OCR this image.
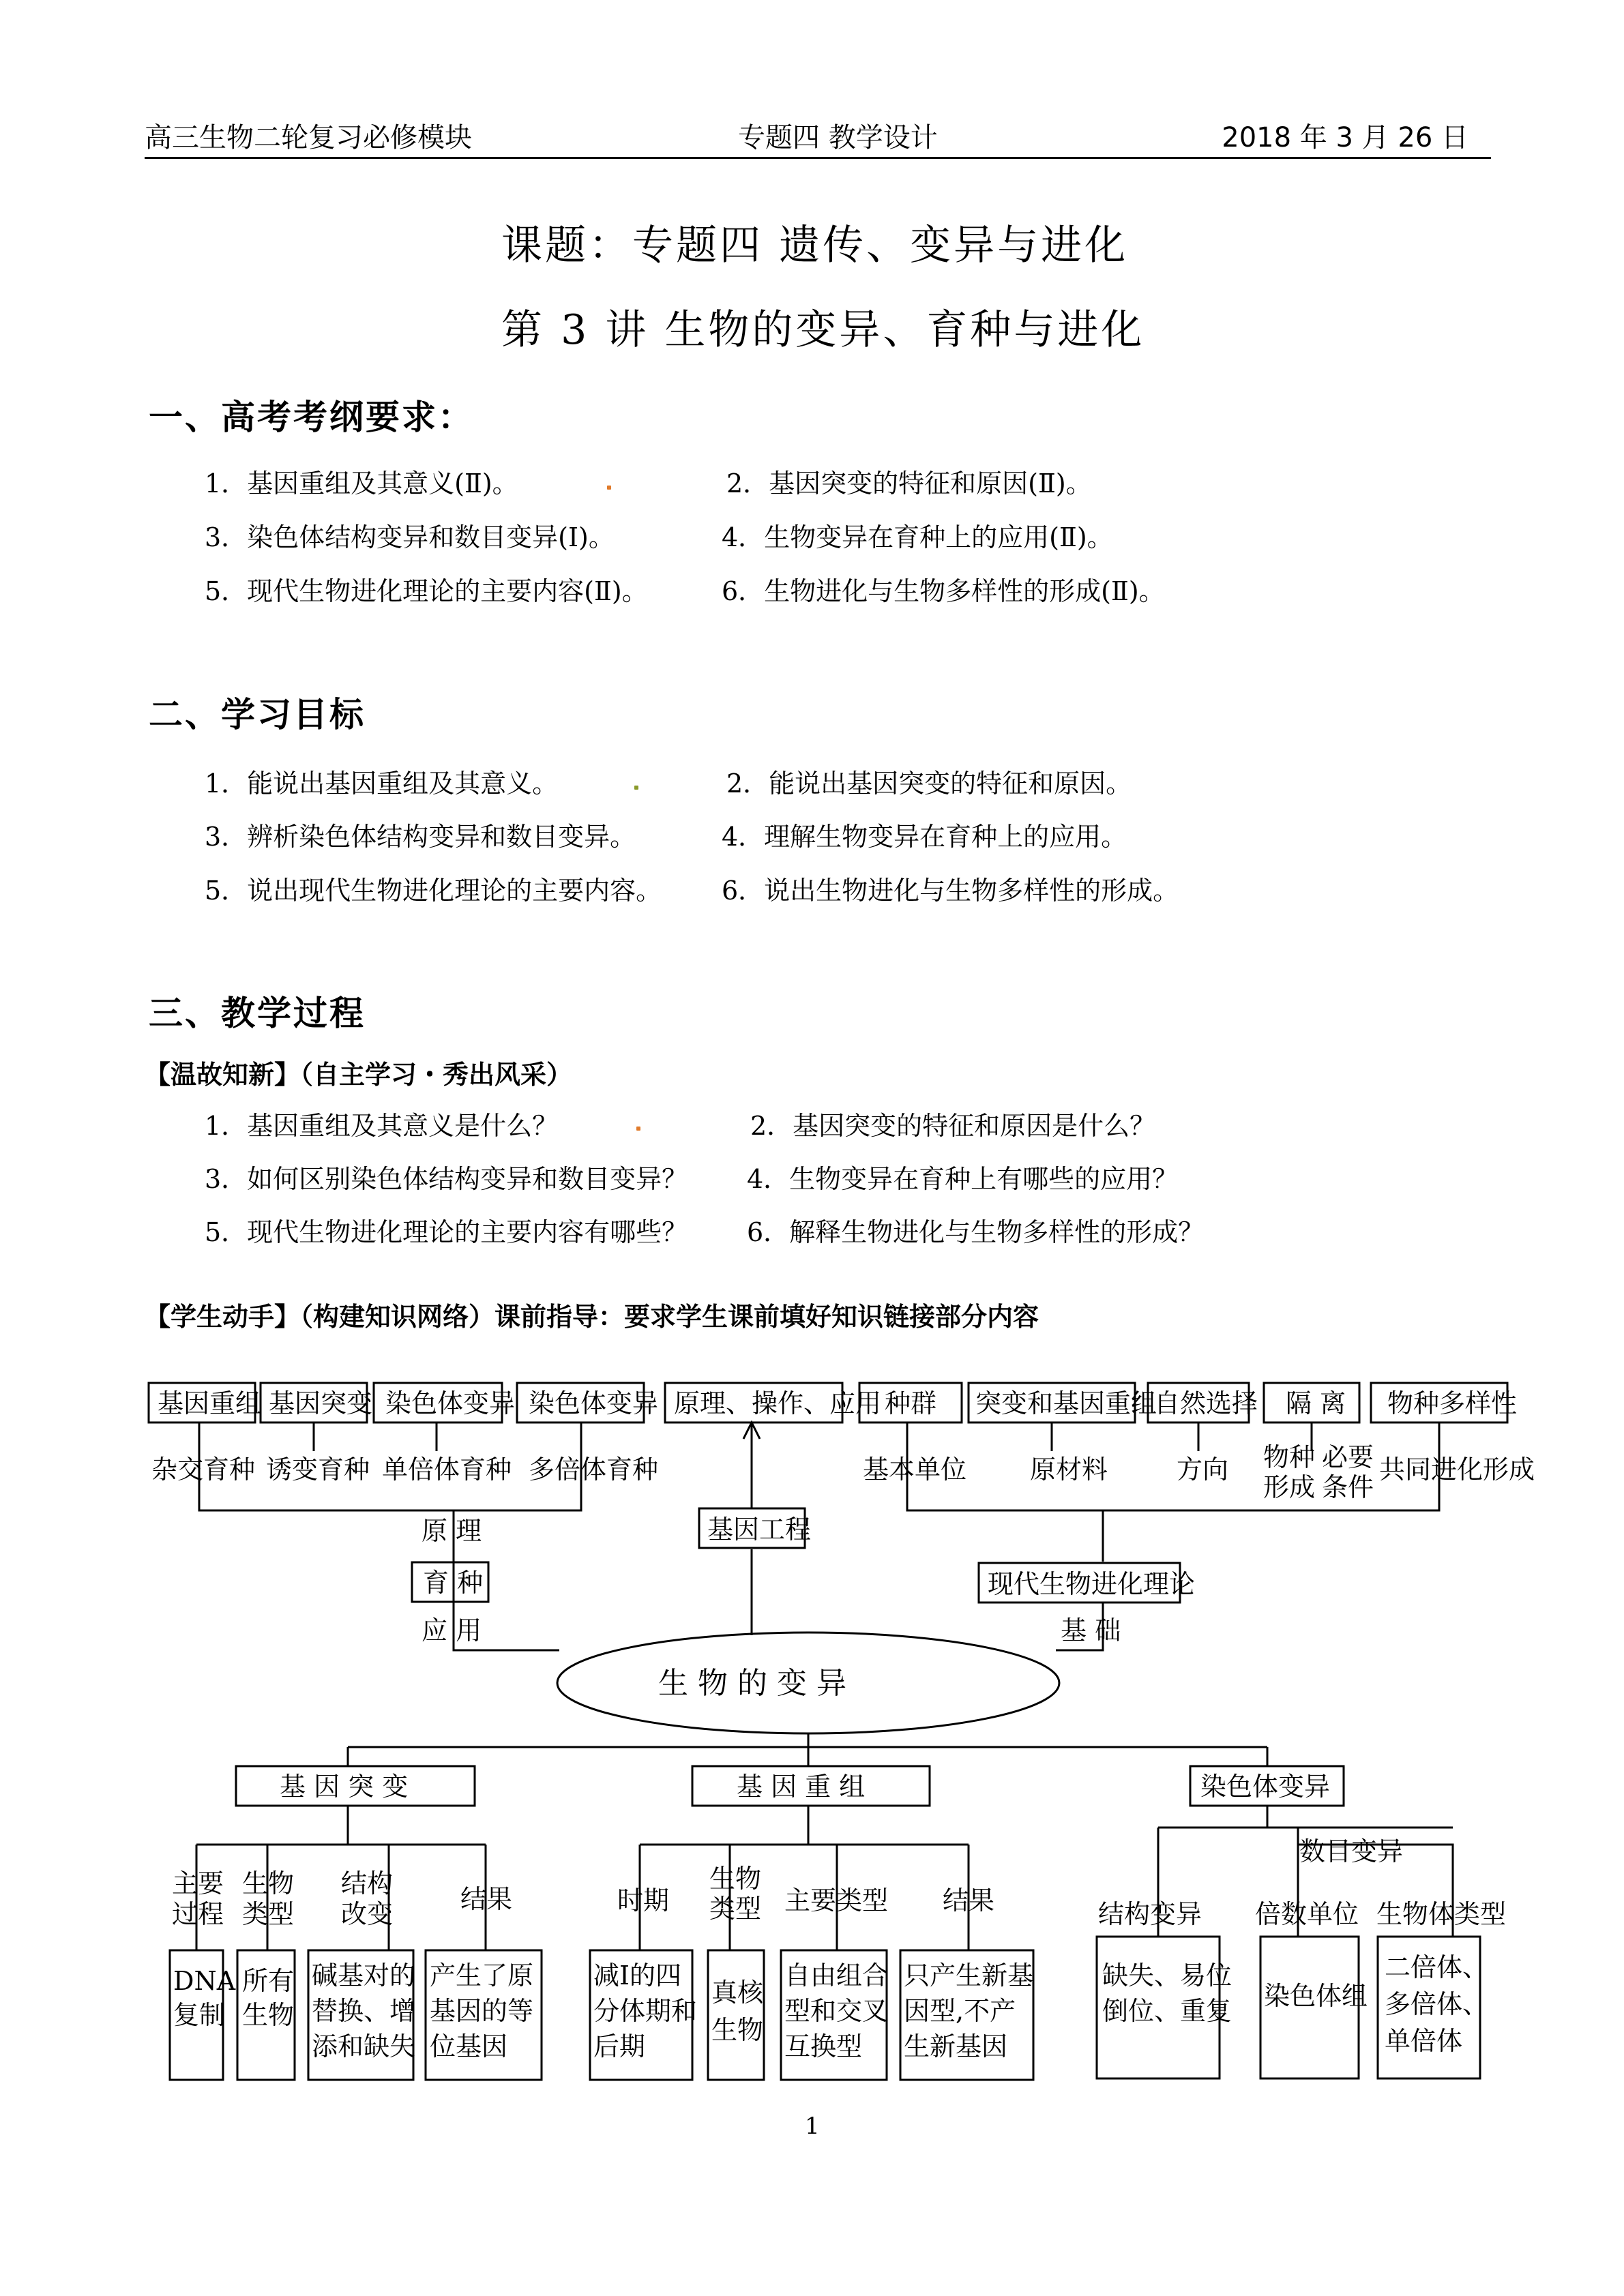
高三生物二轮复习必修模块	专题四 教学设计	2018 年 3 月 26 日
课题：专题四 遗传、变异与进化
第 3 讲 生物的变异、育种与进化
一、高考考纲要求：
1．基因重组及其意义(Ⅱ)。	2．基因突变的特征和原因(Ⅱ)。
3．染色体结构变异和数目变异(Ⅰ)。	4．生物变异在育种上的应用(Ⅱ)。
5．现代生物进化理论的主要内容(Ⅱ)。	6．生物进化与生物多样性的形成(Ⅱ)。
二、学习目标
1．能说出基因重组及其意义。	2．能说出基因突变的特征和原因。
3．辨析染色体结构变异和数目变异。	4．理解生物变异在育种上的应用。
5．说出现代生物进化理论的主要内容。 6．说出生物进化与生物多样性的形成。
三、教学过程
【温故知新】（自主学习・秀出风采）
1．基因重组及其意义是什么？	2．基因突变的特征和原因是什么？
3．如何区别染色体结构变异和数目变异？ 4．生物变异在育种上有哪些的应用？
5．现代生物进化理论的主要内容有哪些？ 6．解释生物进化与生物多样性的形成？
【学生动手】（构建知识网络）课前指导：要求学生课前填好知识链接部分内容
基因重组 基因突变 染色体变异 染色体变异 原理、操作、应用 种群 突变和基因重组
自然选择 隔 离 物种多样性
杂交育种 诱变育种 单倍体育种 多倍体育种	基本单位 原材料	方向 物种
形成
必要
条件
共同进化形成
原 理
育 种
应 用
基因工程
现代生物进化理论
基 础
生 物 的 变 异
基 因 突 变	基 因 重 组	染色体变异
主要
过程
生物
类型
结构
改变	结果
DNA
复制
所有
生物
碱基对的
替换、增
添和缺失
产生了原
基因的等
位基因
时期
生物
类型 主要类型 结果
减Ⅰ的四
分体期和
后期
真核
生物
自由组合
型和交叉
互换型
只产生新基
因型,不产
生新基因
数目变异
结构变异 倍数单位 生物体类型
缺失、易位
倒位、重复 染色体组
二倍体、
多倍体、
单倍体
1
